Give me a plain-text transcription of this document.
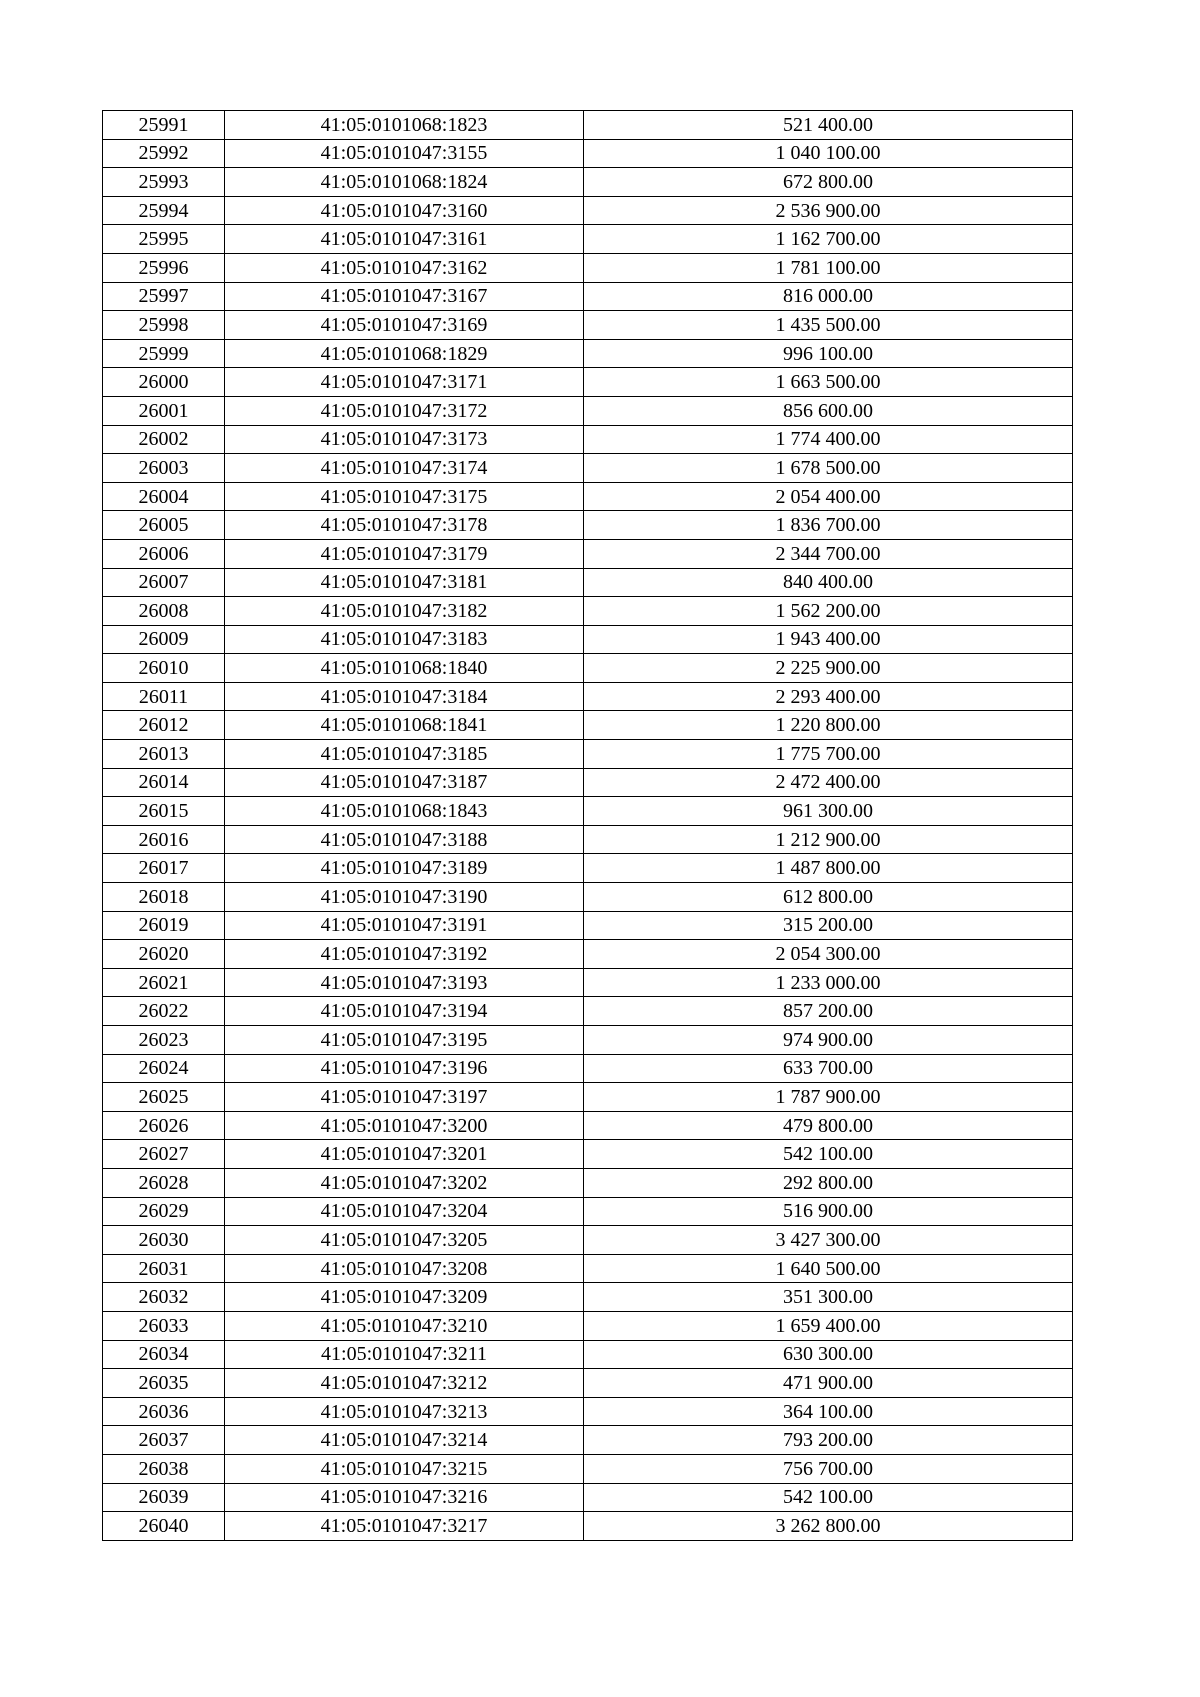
25991	41:05:0101068:1823	521 400.00
25992	41:05:0101047:3155	1 040 100.00
25993	41:05:0101068:1824	672 800.00
25994	41:05:0101047:3160	2 536 900.00
25995	41:05:0101047:3161	1 162 700.00
25996	41:05:0101047:3162	1 781 100.00
25997	41:05:0101047:3167	816 000.00
25998	41:05:0101047:3169	1 435 500.00
25999	41:05:0101068:1829	996 100.00
26000	41:05:0101047:3171	1 663 500.00
26001	41:05:0101047:3172	856 600.00
26002	41:05:0101047:3173	1 774 400.00
26003	41:05:0101047:3174	1 678 500.00
26004	41:05:0101047:3175	2 054 400.00
26005	41:05:0101047:3178	1 836 700.00
26006	41:05:0101047:3179	2 344 700.00
26007	41:05:0101047:3181	840 400.00
26008	41:05:0101047:3182	1 562 200.00
26009	41:05:0101047:3183	1 943 400.00
26010	41:05:0101068:1840	2 225 900.00
26011	41:05:0101047:3184	2 293 400.00
26012	41:05:0101068:1841	1 220 800.00
26013	41:05:0101047:3185	1 775 700.00
26014	41:05:0101047:3187	2 472 400.00
26015	41:05:0101068:1843	961 300.00
26016	41:05:0101047:3188	1 212 900.00
26017	41:05:0101047:3189	1 487 800.00
26018	41:05:0101047:3190	612 800.00
26019	41:05:0101047:3191	315 200.00
26020	41:05:0101047:3192	2 054 300.00
26021	41:05:0101047:3193	1 233 000.00
26022	41:05:0101047:3194	857 200.00
26023	41:05:0101047:3195	974 900.00
26024	41:05:0101047:3196	633 700.00
26025	41:05:0101047:3197	1 787 900.00
26026	41:05:0101047:3200	479 800.00
26027	41:05:0101047:3201	542 100.00
26028	41:05:0101047:3202	292 800.00
26029	41:05:0101047:3204	516 900.00
26030	41:05:0101047:3205	3 427 300.00
26031	41:05:0101047:3208	1 640 500.00
26032	41:05:0101047:3209	351 300.00
26033	41:05:0101047:3210	1 659 400.00
26034	41:05:0101047:3211	630 300.00
26035	41:05:0101047:3212	471 900.00
26036	41:05:0101047:3213	364 100.00
26037	41:05:0101047:3214	793 200.00
26038	41:05:0101047:3215	756 700.00
26039	41:05:0101047:3216	542 100.00
26040	41:05:0101047:3217	3 262 800.00
